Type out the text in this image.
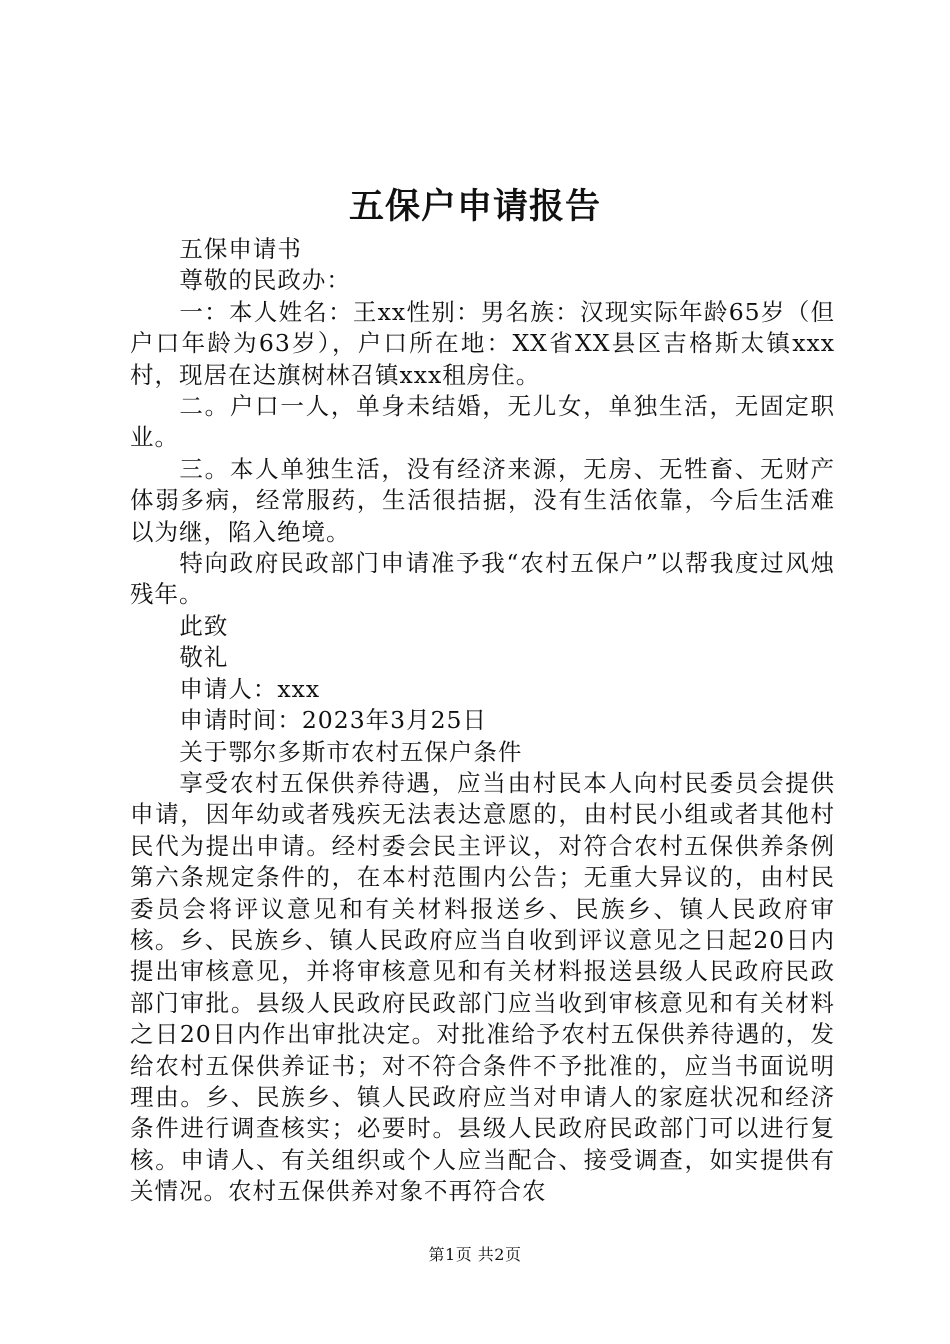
五保户申请报告

五保申请书

尊敬的民政办：

一：本人姓名：王xx性别：男名族：汉现实际年龄65岁（但户口年龄为63岁），户口所在地：XX省XX县区吉格斯太镇xxx村，现居在达旗树林召镇xxx租房住。

二。户口一人，单身未结婚，无儿女，单独生活，无固定职业。

三。本人单独生活，没有经济来源，无房、无牲畜、无财产体弱多病，经常服药，生活很拮据，没有生活依靠，今后生活难以为继，陷入绝境。

特向政府民政部门申请准予我“农村五保户”以帮我度过风烛残年。

此致

敬礼

申请人：xxx

申请时间：2023年3月25日

关于鄂尔多斯市农村五保户条件

享受农村五保供养待遇，应当由村民本人向村民委员会提供申请，因年幼或者残疾无法表达意愿的，由村民小组或者其他村民代为提出申请。经村委会民主评议，对符合农村五保供养条例第六条规定条件的，在本村范围内公告；无重大异议的，由村民委员会将评议意见和有关材料报送乡、民族乡、镇人民政府审核。乡、民族乡、镇人民政府应当自收到评议意见之日起20日内提出审核意见，并将审核意见和有关材料报送县级人民政府民政部门审批。县级人民政府民政部门应当收到审核意见和有关材料之日20日内作出审批决定。对批准给予农村五保供养待遇的，发给农村五保供养证书；对不符合条件不予批准的，应当书面说明理由。乡、民族乡、镇人民政府应当对申请人的家庭状况和经济条件进行调查核实；必要时。县级人民政府民政部门可以进行复核。申请人、有关组织或个人应当配合、接受调查，如实提供有关情况。农村五保供养对象不再符合农

第1页 共2页
